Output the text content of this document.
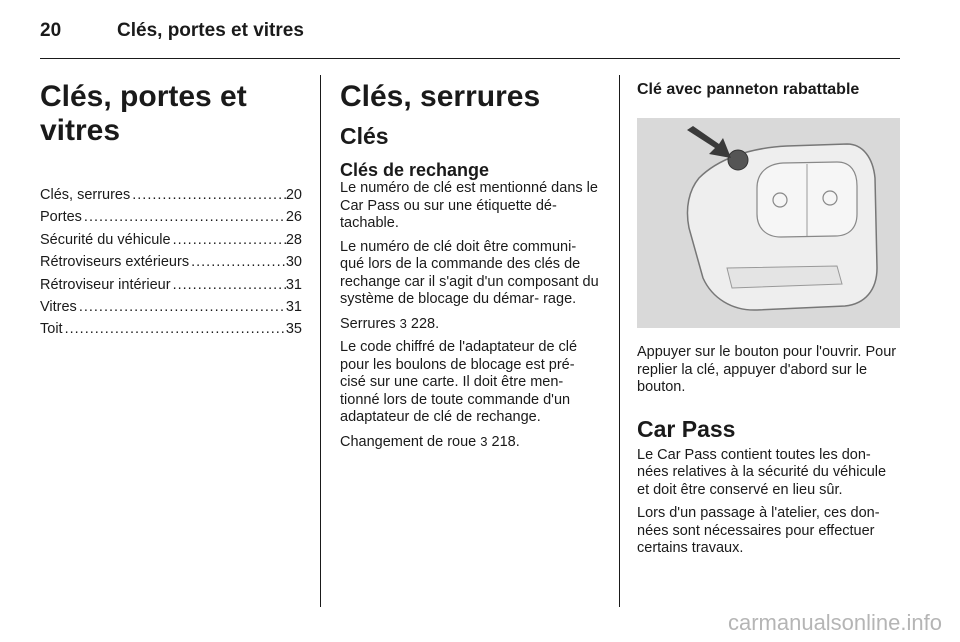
20	Clés, portes et vitres
Clés, portes et vitres
Clés, serrures .....	20
Portes .....	26
Sécurité du véhicule .....	28
Rétroviseurs extérieurs .....	30
Rétroviseur intérieur .....	31
Vitres .....	31
Toit .....	35
Clés, serrures
Clés
Clés de rechange

Le numéro de clé est mentionné dans le Car Pass ou sur une étiquette dé- tachable.

Le numéro de clé doit être communi- qué lors de la commande des clés de rechange car il s'agit d'un composant du système de blocage du démar- rage.

Serrures 3 228.

Le code chiffré de l'adaptateur de clé pour les boulons de blocage est pré- cisé sur une carte. Il doit être men- tionné lors de toute commande d'un adaptateur de clé de rechange.

Changement de roue 3 218.

Clé avec panneton rabattable

Appuyer sur le bouton pour l'ouvrir. Pour replier la clé, appuyer d'abord sur le bouton.

Car Pass

Le Car Pass contient toutes les don- nées relatives à la sécurité du véhicule et doit être conservé en lieu sûr.

Lors d'un passage à l'atelier, ces don- nées sont nécessaires pour effectuer certains travaux.

carmanualsonline.info
